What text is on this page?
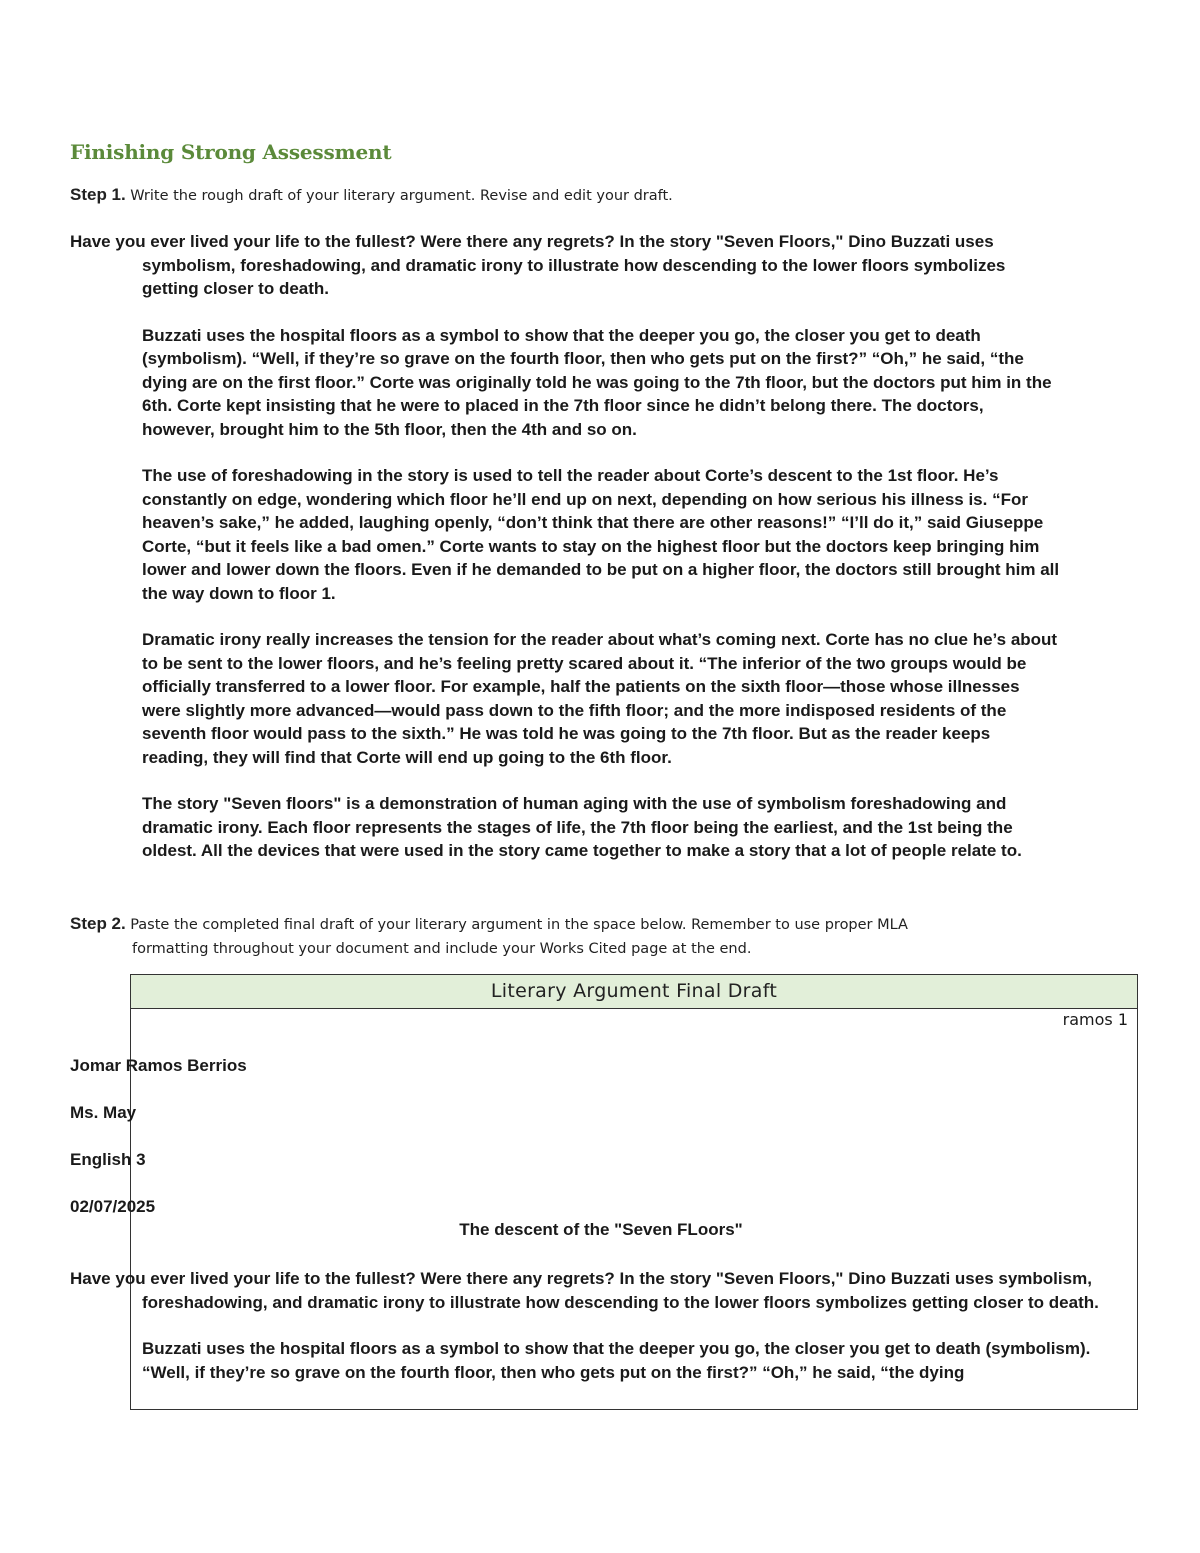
Finishing Strong Assessment
Step 1. Write the rough draft of your literary argument. Revise and edit your draft.

Have you ever lived your life to the fullest? Were there any regrets? In the story "Seven Floors," Dino Buzzati uses symbolism, foreshadowing, and dramatic irony to illustrate how descending to the lower floors symbolizes getting closer to death.

Buzzati uses the hospital floors as a symbol to show that the deeper you go, the closer you get to death (symbolism). “Well, if they’re so grave on the fourth floor, then who gets put on the first?” “Oh,” he said, “the dying are on the first floor.” Corte was originally told he was going to the 7th floor, but the doctors put him in the 6th. Corte kept insisting that he were to placed in the 7th floor since he didn’t belong there. The doctors, however, brought him to the 5th floor, then the 4th and so on.

The use of foreshadowing in the story is used to tell the reader about Corte’s descent to the 1st floor. He’s constantly on edge, wondering which floor he’ll end up on next, depending on how serious his illness is. “For heaven’s sake,” he added, laughing openly, “don’t think that there are other reasons!” “I’ll do it,” said Giuseppe Corte, “but it feels like a bad omen.” Corte wants to stay on the highest floor but the doctors keep bringing him lower and lower down the floors. Even if he demanded to be put on a higher floor, the doctors still brought him all the way down to floor 1.

Dramatic irony really increases the tension for the reader about what’s coming next. Corte has no clue he’s about to be sent to the lower floors, and he’s feeling pretty scared about it. “The inferior of the two groups would be officially transferred to a lower floor. For example, half the patients on the sixth floor—those whose illnesses were slightly more advanced—would pass down to the fifth floor; and the more indisposed residents of the seventh floor would pass to the sixth.” He was told he was going to the 7th floor. But as the reader keeps reading, they will find that Corte will end up going to the 6th floor.

The story "Seven floors" is a demonstration of human aging with the use of symbolism foreshadowing and dramatic irony. Each floor represents the stages of life, the 7th floor being the earliest, and the 1st being the oldest. All the devices that were used in the story came together to make a story that a lot of people relate to.

Step 2. Paste the completed final draft of your literary argument in the space below. Remember to use proper MLA
formatting throughout your document and include your Works Cited page at the end.
Literary Argument Final Draft
ramos 1
Jomar Ramos Berrios
Ms. May
English 3
02/07/2025
The descent of the "Seven FLoors"

Have you ever lived your life to the fullest? Were there any regrets? In the story "Seven Floors," Dino Buzzati uses symbolism, foreshadowing, and dramatic irony to illustrate how descending to the lower floors symbolizes getting closer to death.

Buzzati uses the hospital floors as a symbol to show that the deeper you go, the closer you get to death (symbolism). “Well, if they’re so grave on the fourth floor, then who gets put on the first?” “Oh,” he said, “the dying
